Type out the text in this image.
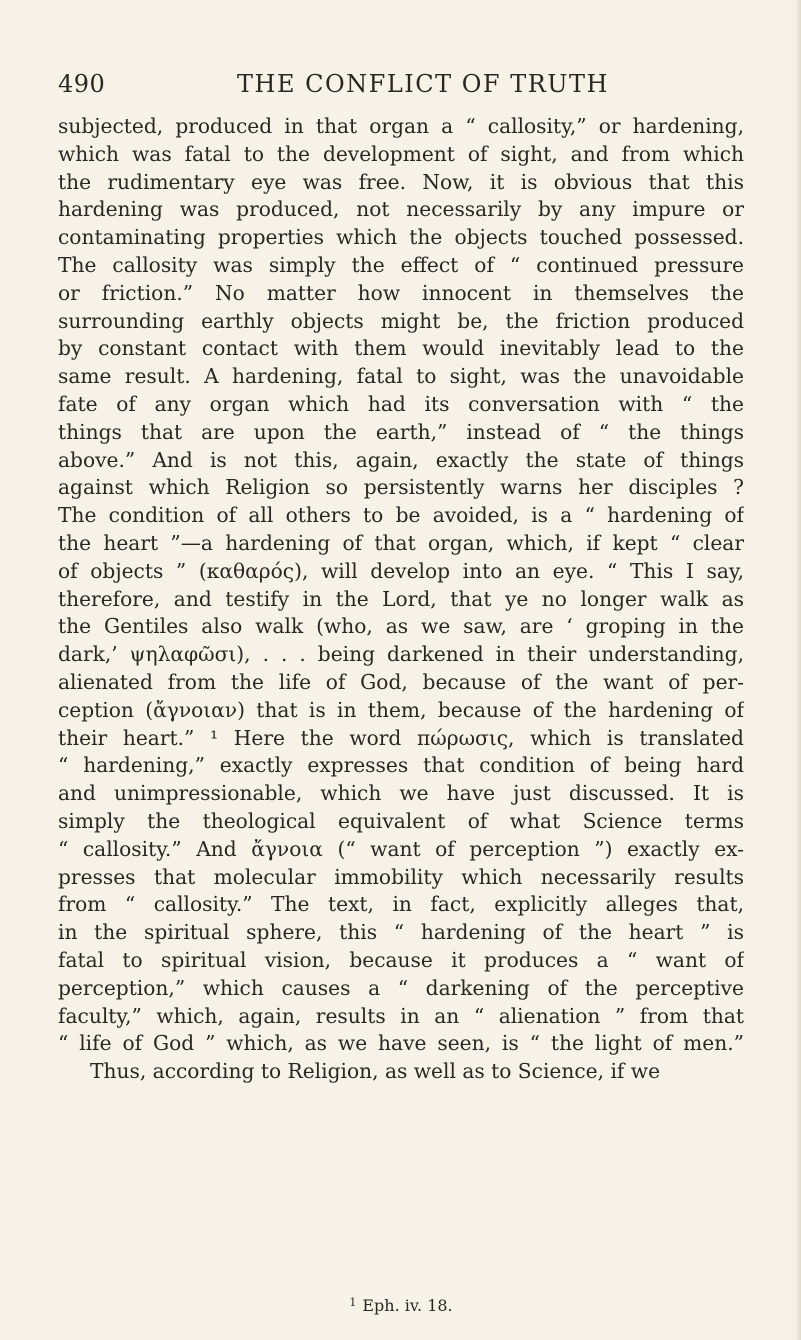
490	THE CONFLICT OF TRUTH
subjected, produced in that organ a “ callosity,” or hardening,
which was fatal to the development of sight, and from which
the rudimentary eye was free. Now, it is obvious that this
hardening was produced, not necessarily by any impure or
contaminating properties which the objects touched possessed.
The callosity was simply the effect of “ continued pressure
or friction.” No matter how innocent in themselves the
surrounding earthly objects might be, the friction produced
by constant contact with them would inevitably lead to the
same result. A hardening, fatal to sight, was the unavoidable
fate of any organ which had its conversation with “ the
things that are upon the earth,” instead of “ the things
above.” And is not this, again, exactly the state of things
against which Religion so persistently warns her disciples ?
The condition of all others to be avoided, is a “ hardening of
the heart ”—a hardening of that organ, which, if kept “ clear
of objects ” (καθαρός), will develop into an eye. “ This I say,
therefore, and testify in the Lord, that ye no longer walk as
the Gentiles also walk (who, as we saw, are ‘ groping in the
dark,’ ψηλαφῶσι), . . . being darkened in their understanding,
alienated from the life of God, because of the want of per-
ception (ἄγνοιαν) that is in them, because of the hardening of
their heart.” ¹ Here the word πώρωσις, which is translated
“ hardening,” exactly expresses that condition of being hard
and unimpressionable, which we have just discussed. It is
simply the theological equivalent of what Science terms
“ callosity.” And ἄγνοια (“ want of perception ”) exactly ex-
presses that molecular immobility which necessarily results
from “ callosity.” The text, in fact, explicitly alleges that,
in the spiritual sphere, this “ hardening of the heart ” is
fatal to spiritual vision, because it produces a “ want of
perception,” which causes a “ darkening of the perceptive
faculty,” which, again, results in an “ alienation ” from that
“ life of God ” which, as we have seen, is “ the light of men.”
Thus, according to Religion, as well as to Science, if we
$^1$ Eph. iv. 18.
